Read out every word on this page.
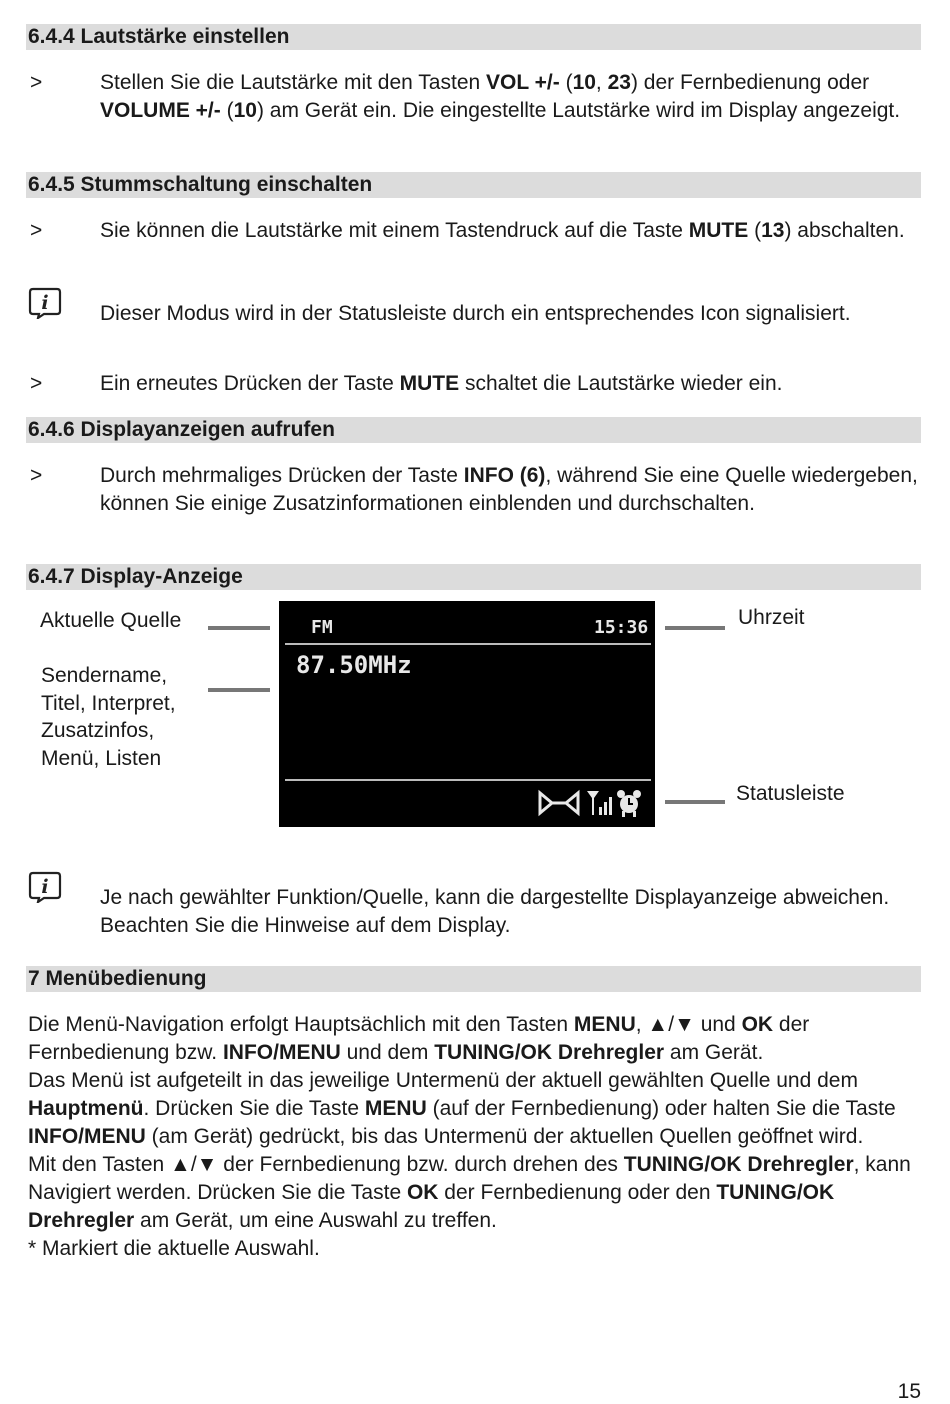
6.4.4 Lautstärke einstellen
>	Stellen Sie die Lautstärke mit den Tasten VOL +/- (10, 23) der Fernbedienung oder VOLUME +/- (10) am Gerät ein. Die eingestellte Lautstärke wird im Display angezeigt.
6.4.5 Stummschaltung einschalten
>	Sie können die Lautstärke mit einem Tastendruck auf die Taste MUTE (13) abschalten.
i Dieser Modus wird in der Statusleiste durch ein entsprechendes Icon signalisiert.
>	Ein erneutes Drücken der Taste MUTE schaltet die Lautstärke wieder ein.
6.4.6 Displayanzeigen aufrufen
>	Durch mehrmaliges Drücken der Taste INFO (6), während Sie eine Quelle wiedergeben, können Sie einige Zusatzinformationen einblenden und durchschalten.
6.4.7 Display-Anzeige
Aktuelle Quelle
Sendername,
Titel, Interpret,
Zusatzinfos,
Menü, Listen
FM	15:36
87.50MHz
Uhrzeit
Statusleiste
i Je nach gewählter Funktion/Quelle, kann die dargestellte Displayanzeige abweichen. Beachten Sie die Hinweise auf dem Display.
7 Menübedienung
Die Menü-Navigation erfolgt Hauptsächlich mit den Tasten MENU, ▲/▼ und OK der Fernbedienung bzw. INFO/MENU und dem TUNING/OK Drehregler am Gerät.
Das Menü ist aufgeteilt in das jeweilige Untermenü der aktuell gewählten Quelle und dem Hauptmenü. Drücken Sie die Taste MENU (auf der Fernbedienung) oder halten Sie die Taste INFO/MENU (am Gerät) gedrückt, bis das Untermenü der aktuellen Quellen geöffnet wird.
Mit den Tasten ▲/▼ der Fernbedienung bzw. durch drehen des TUNING/OK Drehregler, kann Navigiert werden. Drücken Sie die Taste OK der Fernbedienung oder den TUNING/OK Drehregler am Gerät, um eine Auswahl zu treffen.
* Markiert die aktuelle Auswahl.
15
